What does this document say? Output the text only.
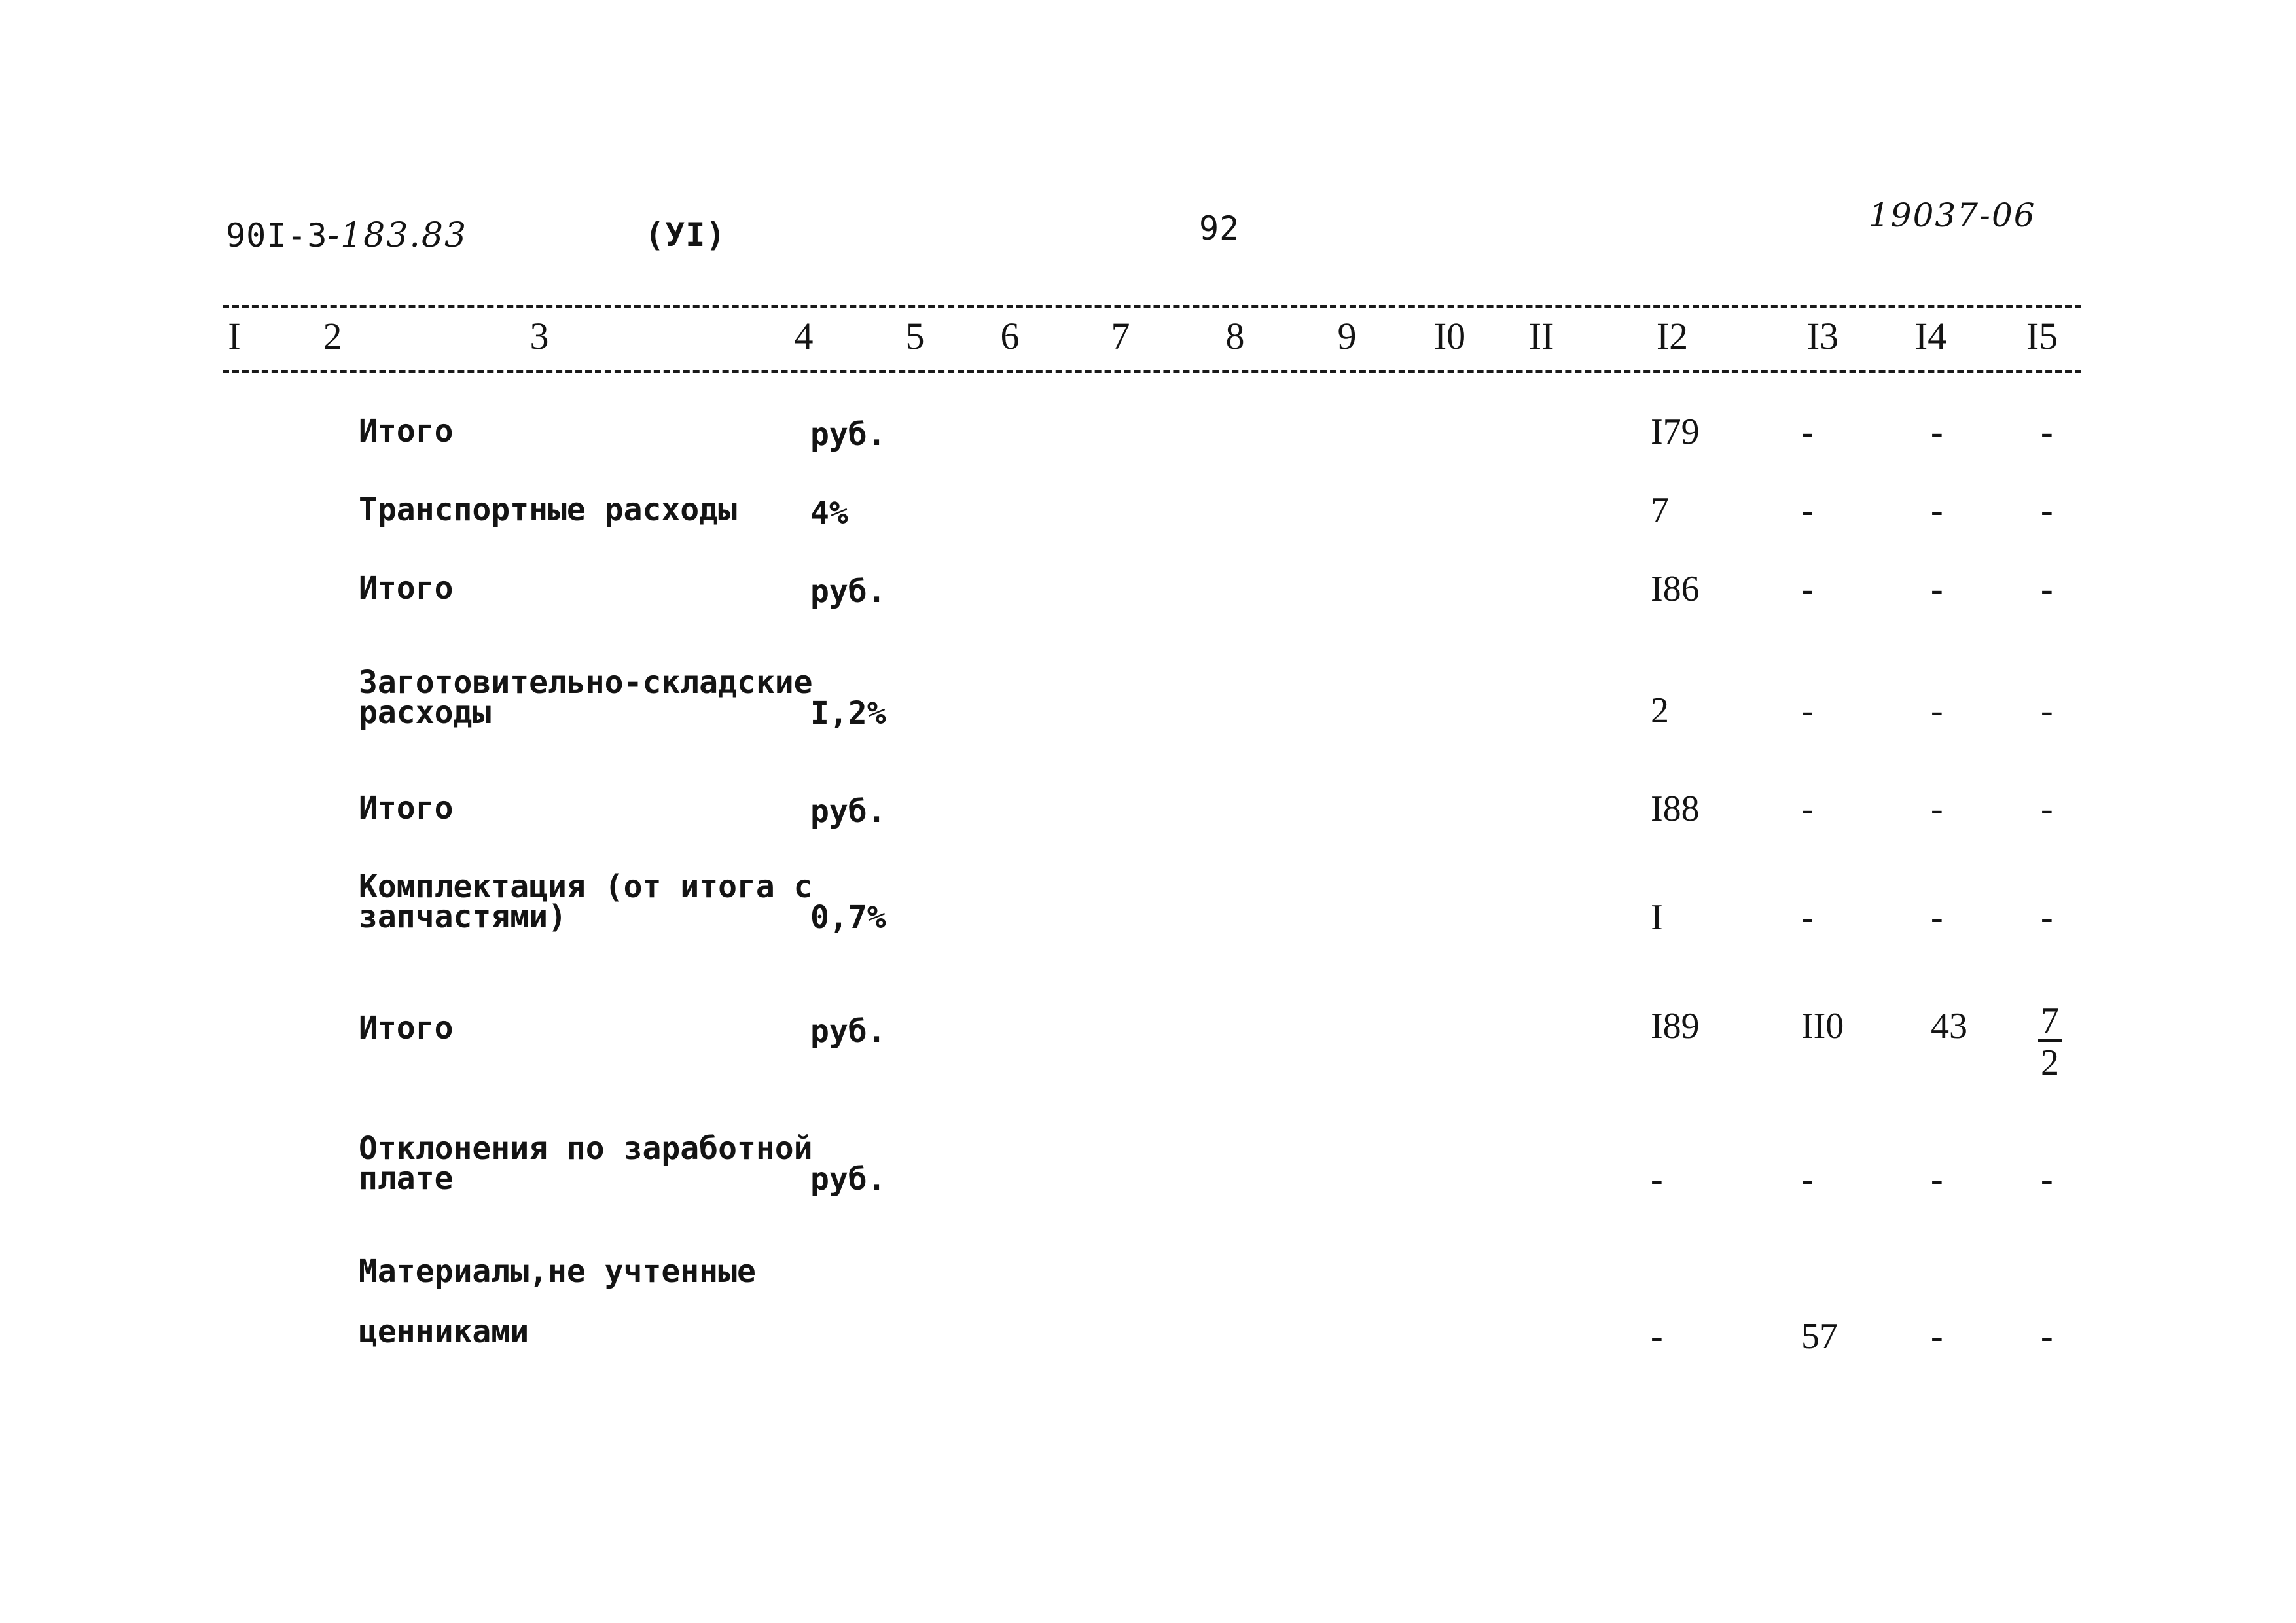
90I-3-183.83	(УI)	92	19037-06
I 2	3	4 5 6 7	8 9 I0 II	I2	I3 I4 I5
Итого	руб.	I79	-	-	-
Транспортные расходы 4%	7	-	-	-
Итого	руб.	I86	-	-	-
Заготовительно-складские
расходы	I,2%	2	-	-	-
Итого	руб.	I88	-	-	-
Комплектация (от итога с
запчастями)	0,7%	I	-	-	-
Итого	руб.	I89	II0 $43 \frac{7}{2}$
Отклонения по заработной
плате	руб.	-	-	-	-
Материалы,не учтенные
ценниками	-	57	-	-
